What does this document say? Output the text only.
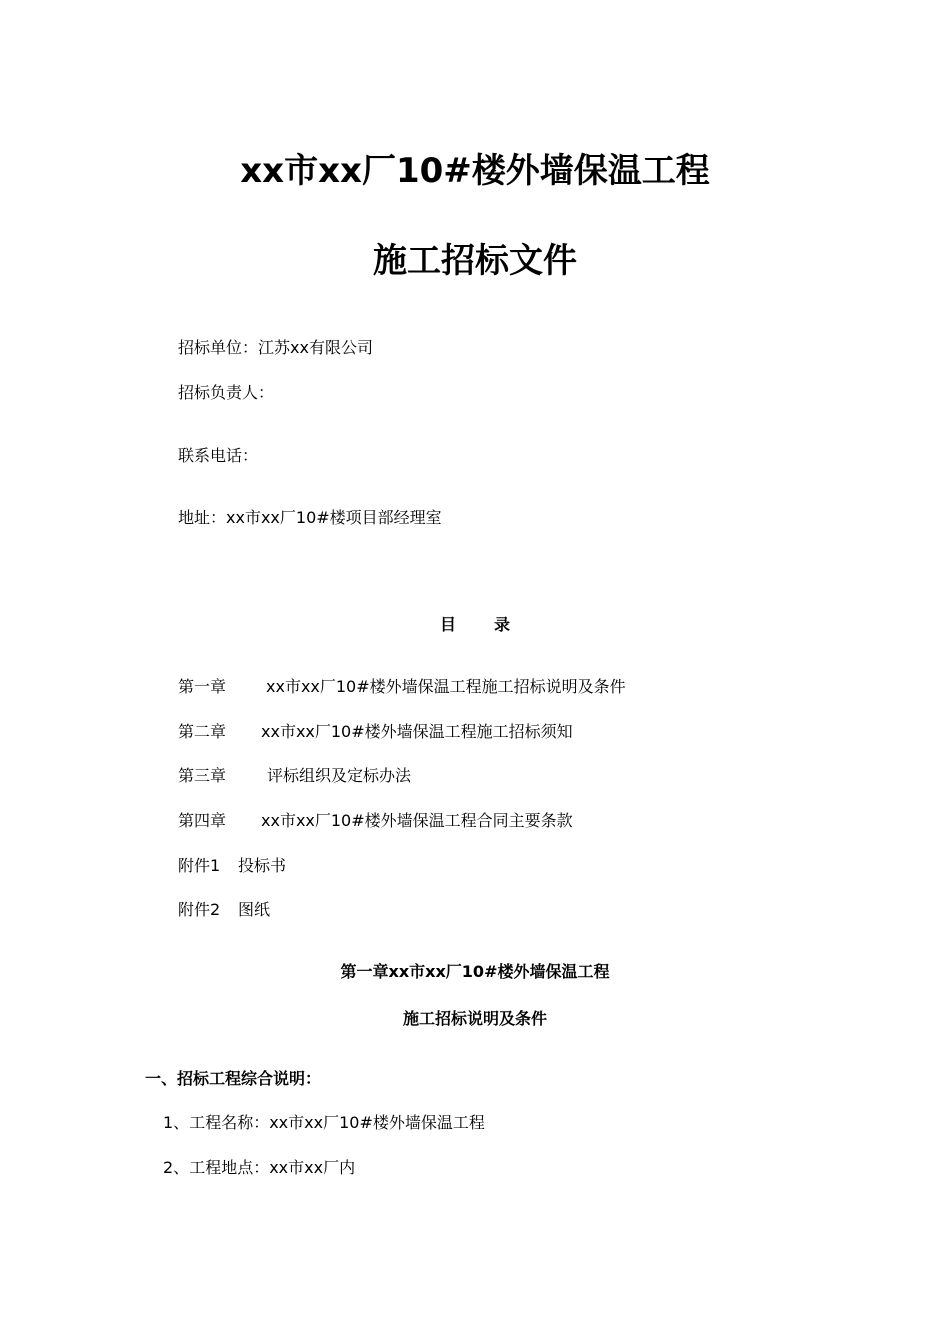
xx市xx厂10#楼外墙保温工程
施工招标文件
招标单位：江苏xx有限公司
招标负责人：
联系电话：
地址：xx市xx厂10#楼项目部经理室
目 录
第一章 xx市xx厂10#楼外墙保温工程施工招标说明及条件
第二章 xx市xx厂10#楼外墙保温工程施工招标须知
第三章	评标组织及定标办法
第四章 xx市xx厂10#楼外墙保温工程合同主要条款
附件1 投标书
附件2 图纸
第一章xx市xx厂10#楼外墙保温工程
施工招标说明及条件
一、招标工程综合说明：
1、工程名称：xx市xx厂10#楼外墙保温工程
2、工程地点：xx市xx厂内
